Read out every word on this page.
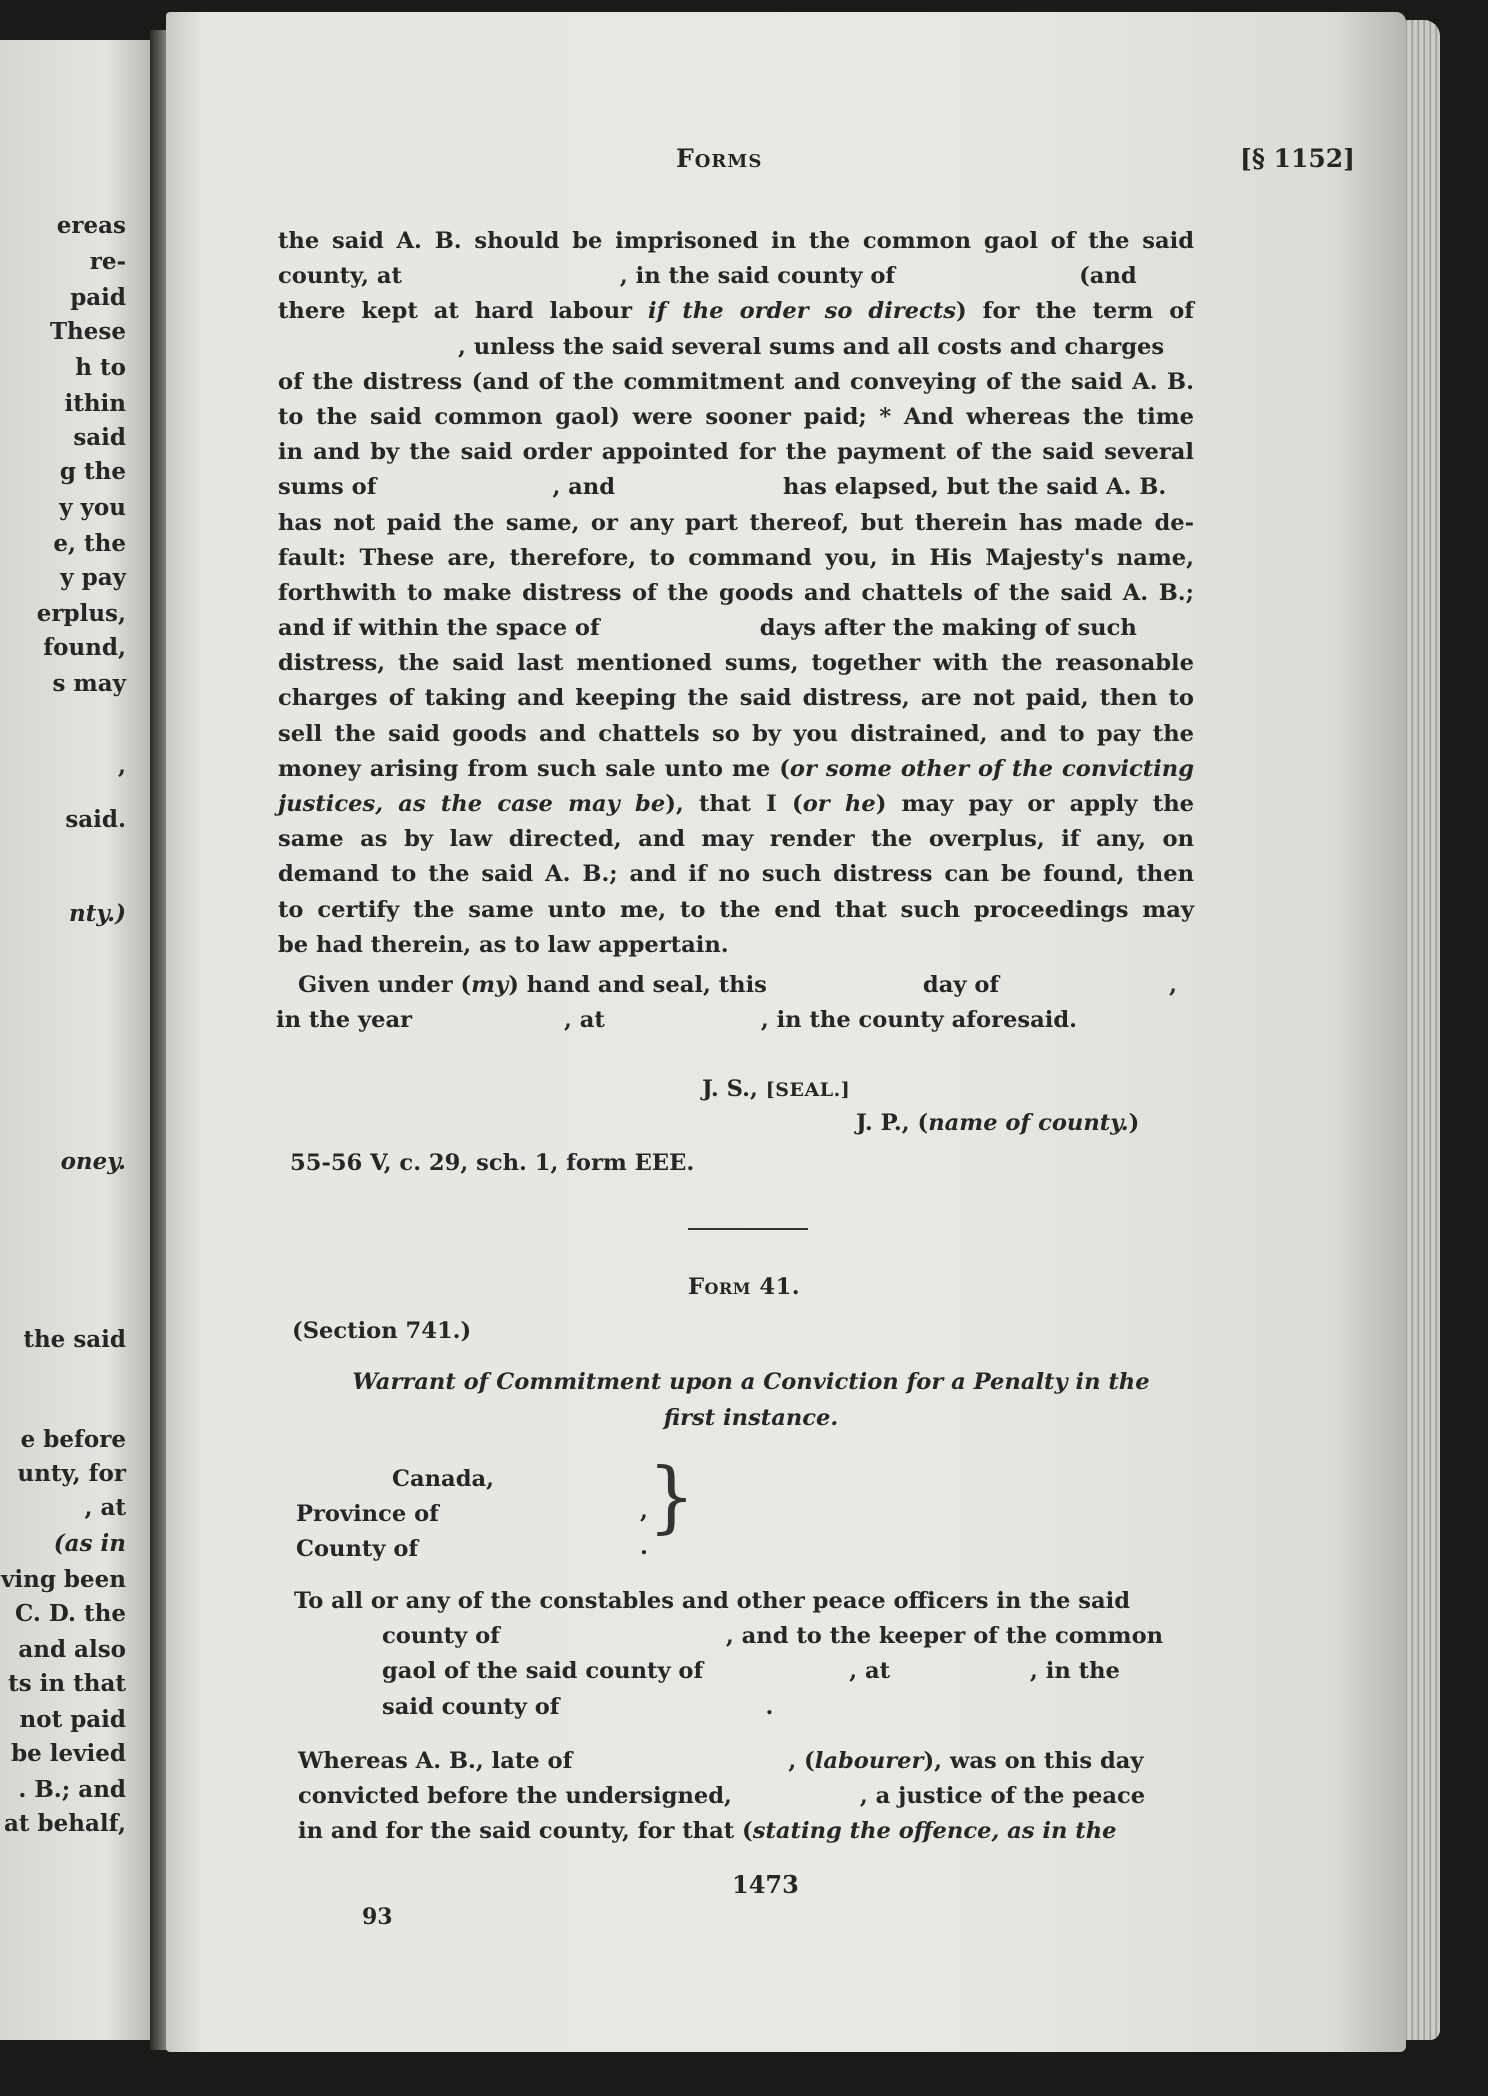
ereas
re-
paid
These
h to
ithin
said
g the
y you
e, the
y pay
erplus,
found,
s may
,
said.
nty.)
oney.
the said
e before
unty, for
, at
(as in
ving been
C. D. the
and also
ts in that
not paid
be levied
. B.; and
at behalf,
Forms	[§ 1152]
the said A. B. should be imprisoned in the common gaol of the said
county, at	, in the said county of	(and
there kept at hard labour if the order so directs) for the term of
, unless the said several sums and all costs and charges
of the distress (and of the commitment and conveying of the said A. B.
to the said common gaol) were sooner paid; * And whereas the time
in and by the said order appointed for the payment of the said several
sums of	, and	has elapsed, but the said A. B.
has not paid the same, or any part thereof, but therein has made de-
fault: These are, therefore, to command you, in His Majesty's name,
forthwith to make distress of the goods and chattels of the said A. B.;
and if within the space of	days after the making of such
distress, the said last mentioned sums, together with the reasonable
charges of taking and keeping the said distress, are not paid, then to
sell the said goods and chattels so by you distrained, and to pay the
money arising from such sale unto me (or some other of the convicting
justices, as the case may be), that I (or he) may pay or apply the
same as by law directed, and may render the overplus, if any, on
demand to the said A. B.; and if no such distress can be found, then
to certify the same unto me, to the end that such proceedings may
be had therein, as to law appertain.
Given under (my) hand and seal, this	day of	,
in the year	, at	, in the county aforesaid.
J. S., [SEAL.]
J. P., (name of county.)
55-56 V, c. 29, sch. 1, form EEE.
Form 41.
(Section 741.)
Warrant of Commitment upon a Conviction for a Penalty in the
first instance.
Canada,
Province of
County of
,
.
}
To all or any of the constables and other peace officers in the said
county of	, and to the keeper of the common
gaol of the said county of	, at	, in the
said county of	.
Whereas A. B., late of	, (labourer), was on this day
convicted before the undersigned,	, a justice of the peace
in and for the said county, for that (stating the offence, as in the
1473
93
